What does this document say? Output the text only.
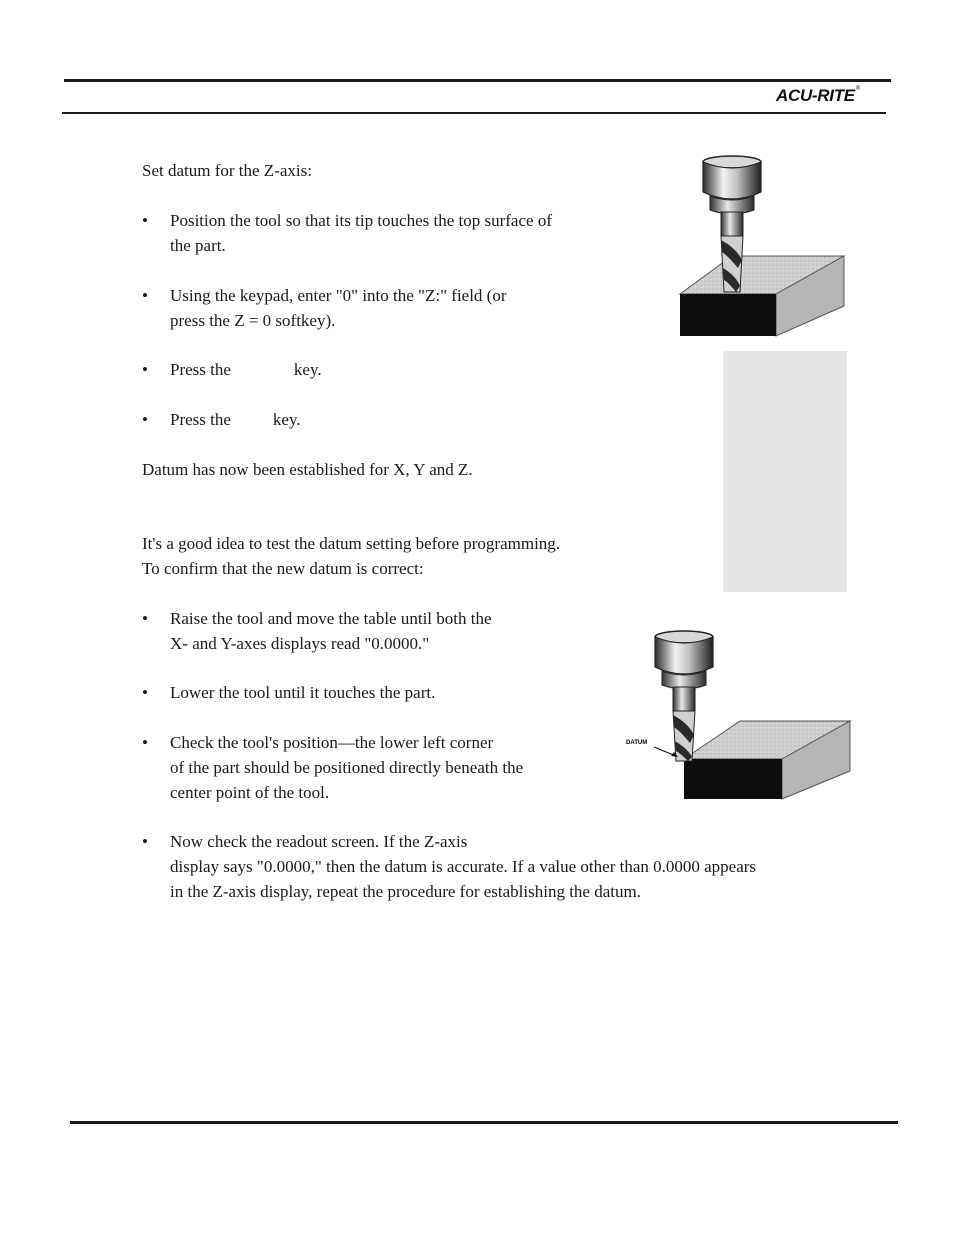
ACU-RITE®
Set datum for the Z-axis:
• Position the tool so that its tip touches the top surface of
the part.
• Using the keypad, enter "0" into the "Z:" field (or
press the Z = 0 softkey).
• Press the	key.
• Press the key.
Datum has now been established for X, Y and Z.
It's a good idea to test the datum setting before programming.
To confirm that the new datum is correct:
• Raise the tool and move the table until both the
X- and Y-axes displays read "0.0000."
• Lower the tool until it touches the part.
• Check the tool's position—the lower left corner
of the part should be positioned directly beneath the
center point of the tool.
• Now check the readout screen. If the Z-axis
display says "0.0000," then the datum is accurate. If a value other than 0.0000 appears
in the Z-axis display, repeat the procedure for establishing the datum.
DATUM
